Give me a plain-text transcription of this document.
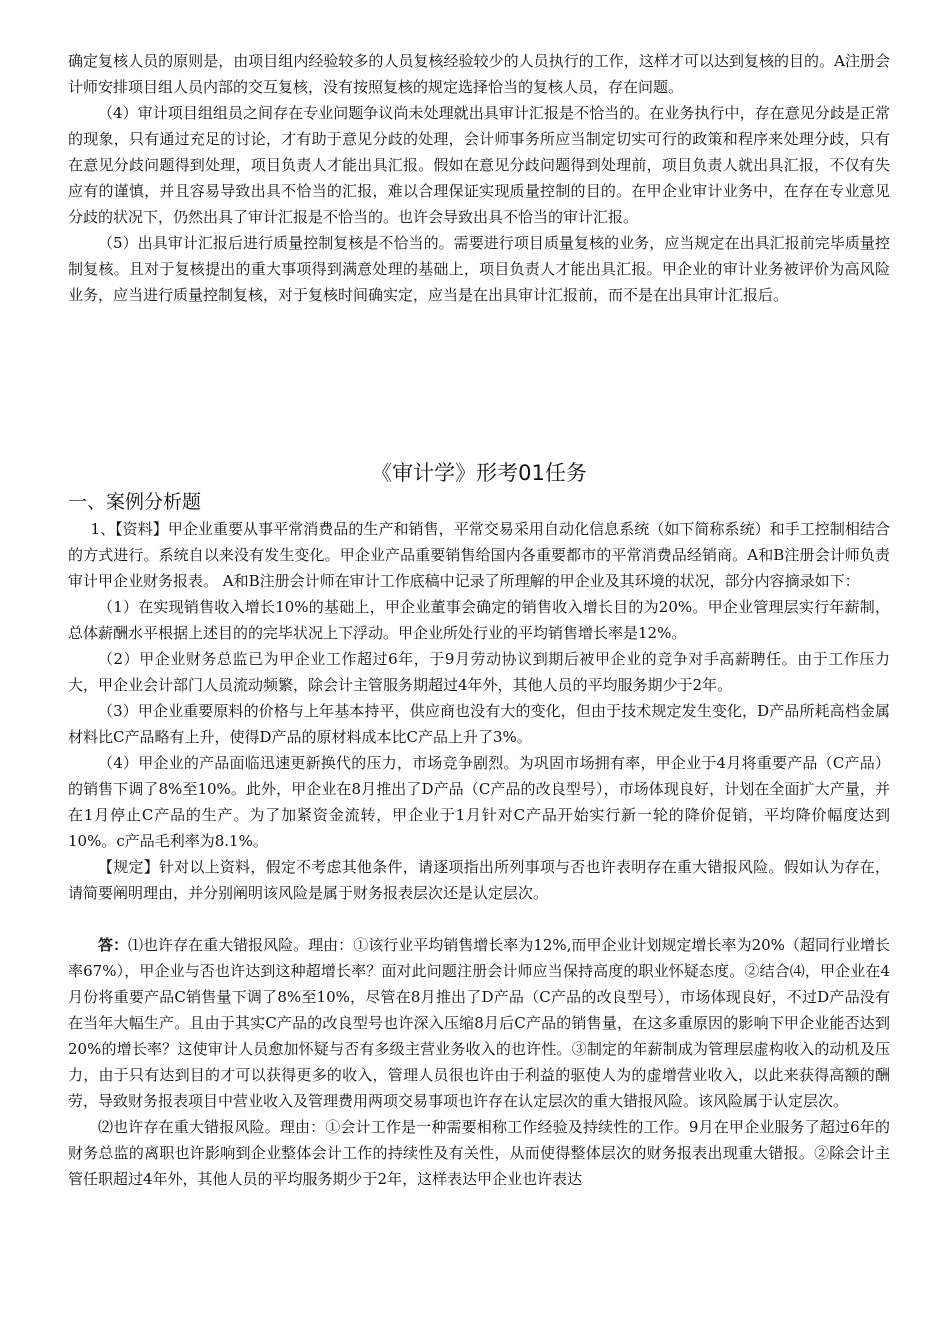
确定复核人员的原则是，由项目组内经验较多的人员复核经验较少的人员执行的工作，这样才可以达到复核的目的。A注册会计师安排项目组人员内部的交互复核，没有按照复核的规定选择恰当的复核人员，存在问题。

（4）审计项目组组员之间存在专业问题争议尚未处理就出具审计汇报是不恰当的。在业务执行中，存在意见分歧是正常的现象，只有通过充足的讨论，才有助于意见分歧的处理，会计师事务所应当制定切实可行的政策和程序来处理分歧，只有在意见分歧问题得到处理，项目负责人才能出具汇报。假如在意见分歧问题得到处理前，项目负责人就出具汇报，不仅有失应有的谨慎，并且容易导致出具不恰当的汇报，难以合理保证实现质量控制的目的。在甲企业审计业务中，在存在专业意见分歧的状况下，仍然出具了审计汇报是不恰当的。也许会导致出具不恰当的审计汇报。

（5）出具审计汇报后进行质量控制复核是不恰当的。需要进行项目质量复核的业务，应当规定在出具汇报前完毕质量控制复核。且对于复核提出的重大事项得到满意处理的基础上，项目负责人才能出具汇报。甲企业的审计业务被评价为高风险业务，应当进行质量控制复核，对于复核时间确实定，应当是在出具审计汇报前，而不是在出具审计汇报后。

《审计学》形考01任务
一、案例分析题

1、【资料】甲企业重要从事平常消费品的生产和销售，平常交易采用自动化信息系统（如下简称系统）和手工控制相结合的方式进行。系统自以来没有发生变化。甲企业产品重要销售给国内各重要都市的平常消费品经销商。A和B注册会计师负责审计甲企业财务报表。 A和B注册会计师在审计工作底稿中记录了所理解的甲企业及其环境的状况，部分内容摘录如下：

（1）在实现销售收入增长10%的基础上，甲企业董事会确定的销售收入增长目的为20%。甲企业管理层实行年薪制，总体薪酬水平根据上述目的的完毕状况上下浮动。甲企业所处行业的平均销售增长率是12%。

（2）甲企业财务总监已为甲企业工作超过6年，于9月劳动协议到期后被甲企业的竞争对手高薪聘任。由于工作压力大，甲企业会计部门人员流动频繁，除会计主管服务期超过4年外，其他人员的平均服务期少于2年。

（3）甲企业重要原料的价格与上年基本持平，供应商也没有大的变化，但由于技术规定发生变化，D产品所耗高档金属材料比C产品略有上升，使得D产品的原材料成本比C产品上升了3%。

（4）甲企业的产品面临迅速更新换代的压力，市场竞争剧烈。为巩固市场拥有率，甲企业于4月将重要产品（C产品）的销售下调了8%至10%。此外，甲企业在8月推出了D产品（C产品的改良型号），市场体现良好，计划在全面扩大产量，并在1月停止C产品的生产。为了加紧资金流转，甲企业于1月针对C产品开始实行新一轮的降价促销，平均降价幅度达到10%。c产品毛利率为8.1%。

【规定】针对以上资料，假定不考虑其他条件，请逐项指出所列事项与否也许表明存在重大错报风险。假如认为存在，请简要阐明理由，并分别阐明该风险是属于财务报表层次还是认定层次。

答：⑴也许存在重大错报风险。理由：①该行业平均销售增长率为12%,而甲企业计划规定增长率为20%（超同行业增长率67%），甲企业与否也许达到这种超增长率？面对此问题注册会计师应当保持高度的职业怀疑态度。②结合⑷，甲企业在4月份将重要产品C销售量下调了8%至10%，尽管在8月推出了D产品（C产品的改良型号），市场体现良好，不过D产品没有在当年大幅生产。且由于其实C产品的改良型号也许深入压缩8月后C产品的销售量，在这多重原因的影响下甲企业能否达到20%的增长率？这使审计人员愈加怀疑与否有多级主营业务收入的也许性。③制定的年薪制成为管理层虚构收入的动机及压力，由于只有达到目的才可以获得更多的收入，管理人员很也许由于利益的驱使人为的虚增营业收入，以此来获得高额的酬劳，导致财务报表项目中营业收入及管理费用两项交易事项也许存在认定层次的重大错报风险。该风险属于认定层次。

⑵也许存在重大错报风险。理由：①会计工作是一种需要相称工作经验及持续性的工作。9月在甲企业服务了超过6年的财务总监的离职也许影响到企业整体会计工作的持续性及有关性，从而使得整体层次的财务报表出现重大错报。②除会计主管任职超过4年外，其他人员的平均服务期少于2年，这样表达甲企业也许表达
